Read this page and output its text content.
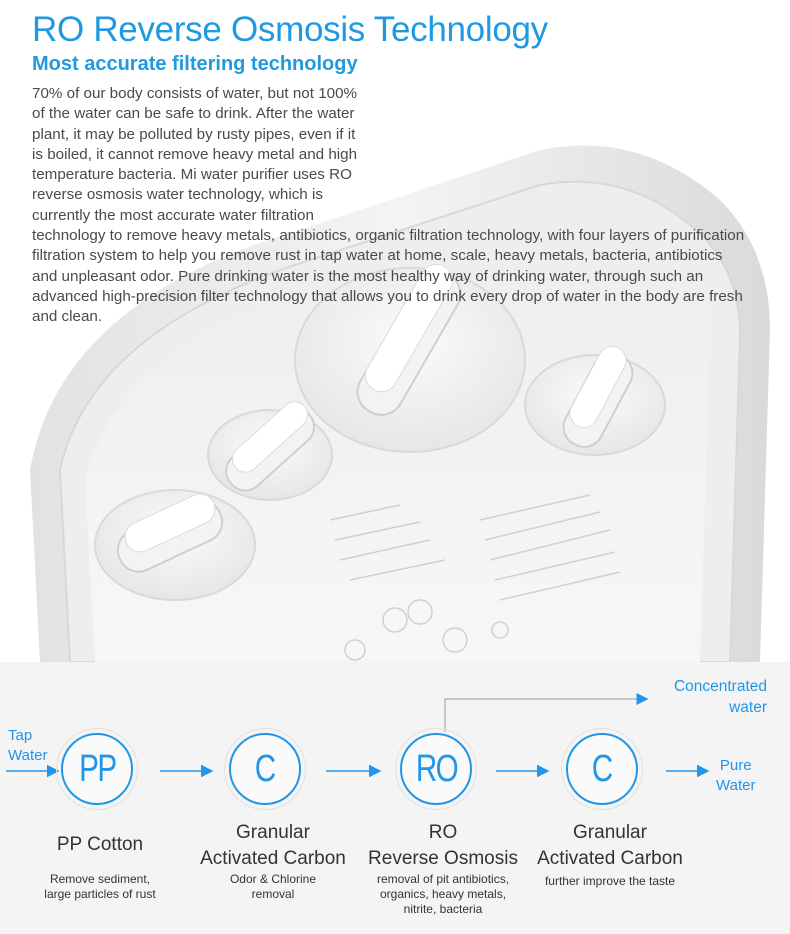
RO Reverse Osmosis Technology
Most accurate filtering technology

70% of our body consists of water, but not 100% of the water can be safe to drink. After the water plant, it may be polluted by rusty pipes, even if it is boiled, it cannot remove heavy metal and high temperature bacteria. Mi water purifier uses RO reverse osmosis water technology, which is currently the most accurate water filtration technology to remove heavy metals, antibiotics, organic filtration technology, with four layers of purification filtration system to help you remove rust in tap water at home, scale, heavy metals, bacteria, antibiotics and unpleasant odor. Pure drinking water is the most healthy way of drinking water, through such an advanced high-precision filter technology that allows you to drink every drop of water in the body are fresh and clean.

Tap
Water

Pure
Water

Concentrated
water

PP	C	RO	C

PP Cotton

Granular
Activated Carbon

RO
Reverse Osmosis

Granular
Activated Carbon

Remove sediment,
large particles of rust

Odor & Chlorine
removal

removal of pit antibiotics,
organics, heavy metals,
nitrite, bacteria

further improve the taste
